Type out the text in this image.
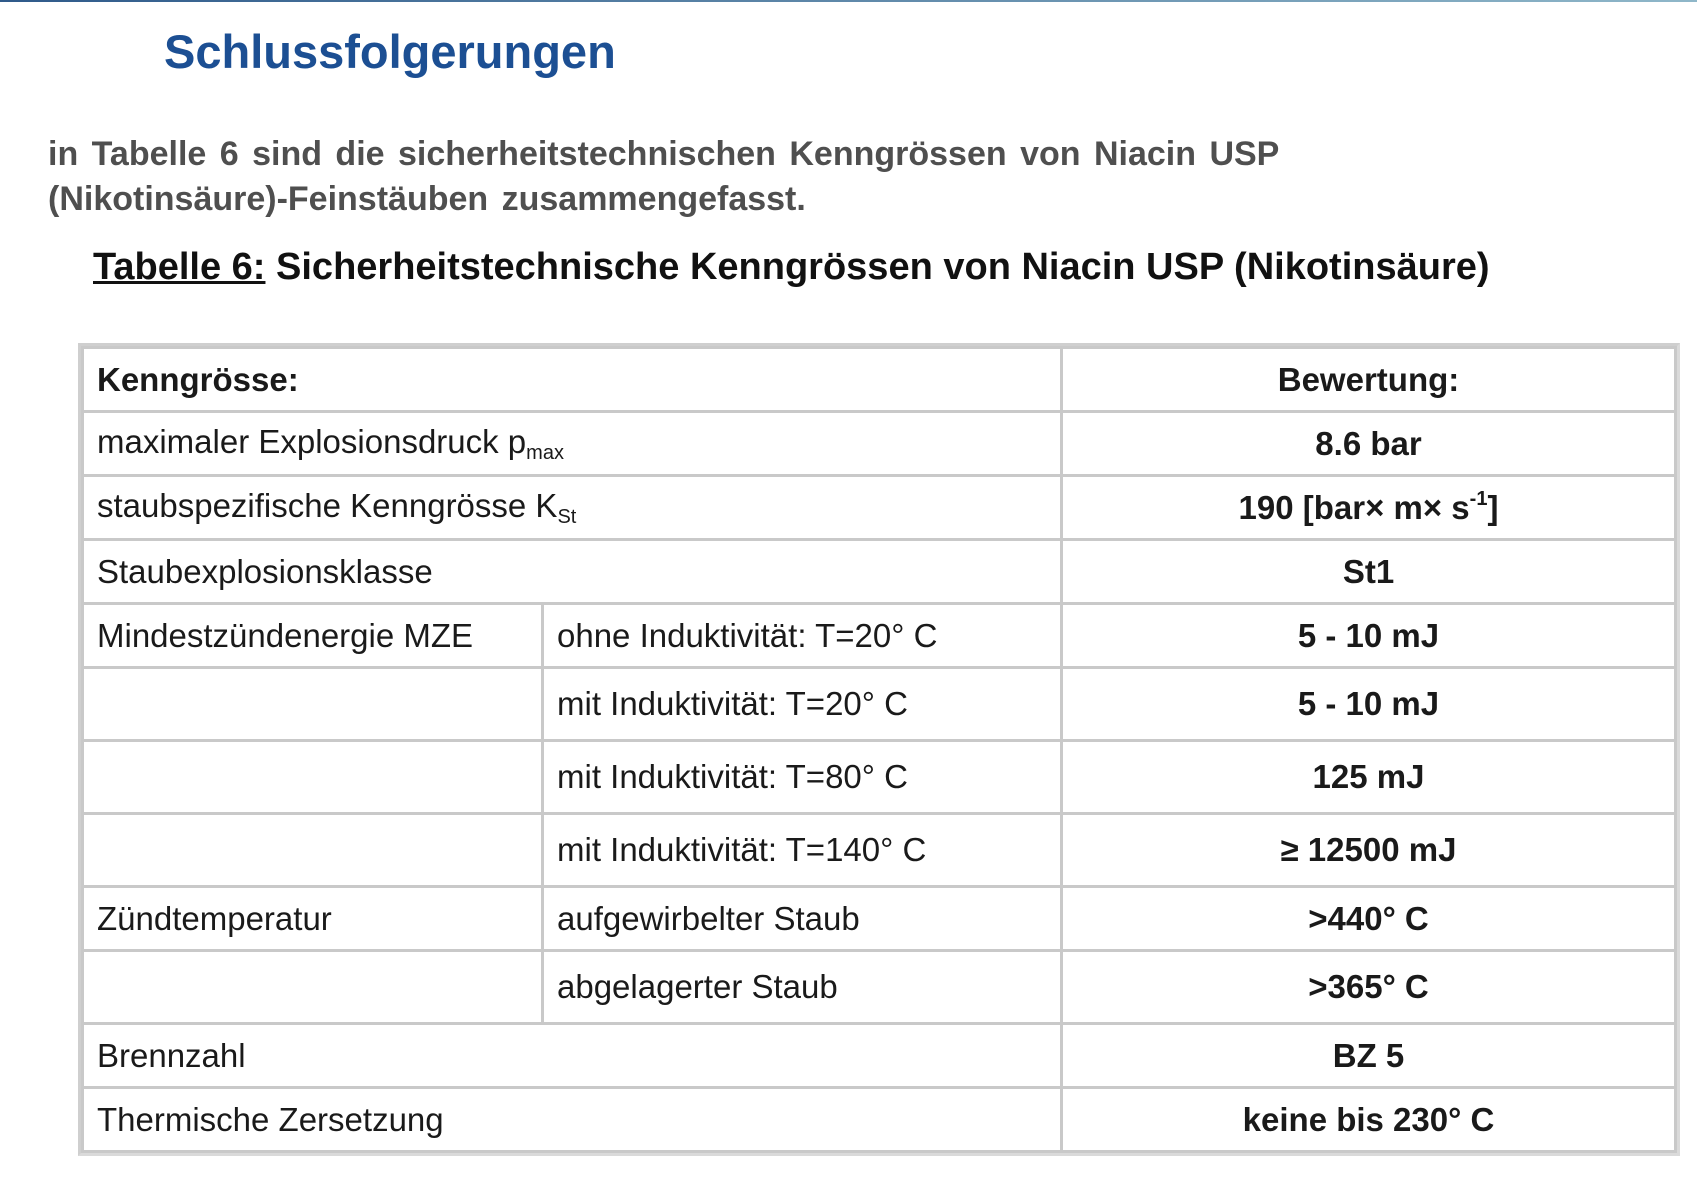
Schlussfolgerungen

in Tabelle 6 sind die sicherheitstechnischen Kenngrössen von Niacin USP
(Nikotinsäure)-Feinstäuben zusammengefasst.

Tabelle 6: Sicherheitstechnische Kenngrössen von Niacin USP (Nikotinsäure)

Kenngrösse:		Bewertung:
maximaler Explosionsdruck $p_{max}$		8.6 bar
staubspezifische Kenngrösse $K_{St}$		190 $[bar\times m\times s^{-1}]$
Staubexplosionsklasse		St1
Mindestzündenergie MZE	ohne Induktivität: T=20° C	5 - 10 mJ
	mit Induktivität: T=20° C	5 - 10 mJ
	mit Induktivität: T=80° C	125 mJ
	mit Induktivität: T=140° C	≥ 12500 mJ
Zündtemperatur	aufgewirbelter Staub	>440° C
	abgelagerter Staub	>365° C
Brennzahl		BZ 5
Thermische Zersetzung		keine bis 230° C
